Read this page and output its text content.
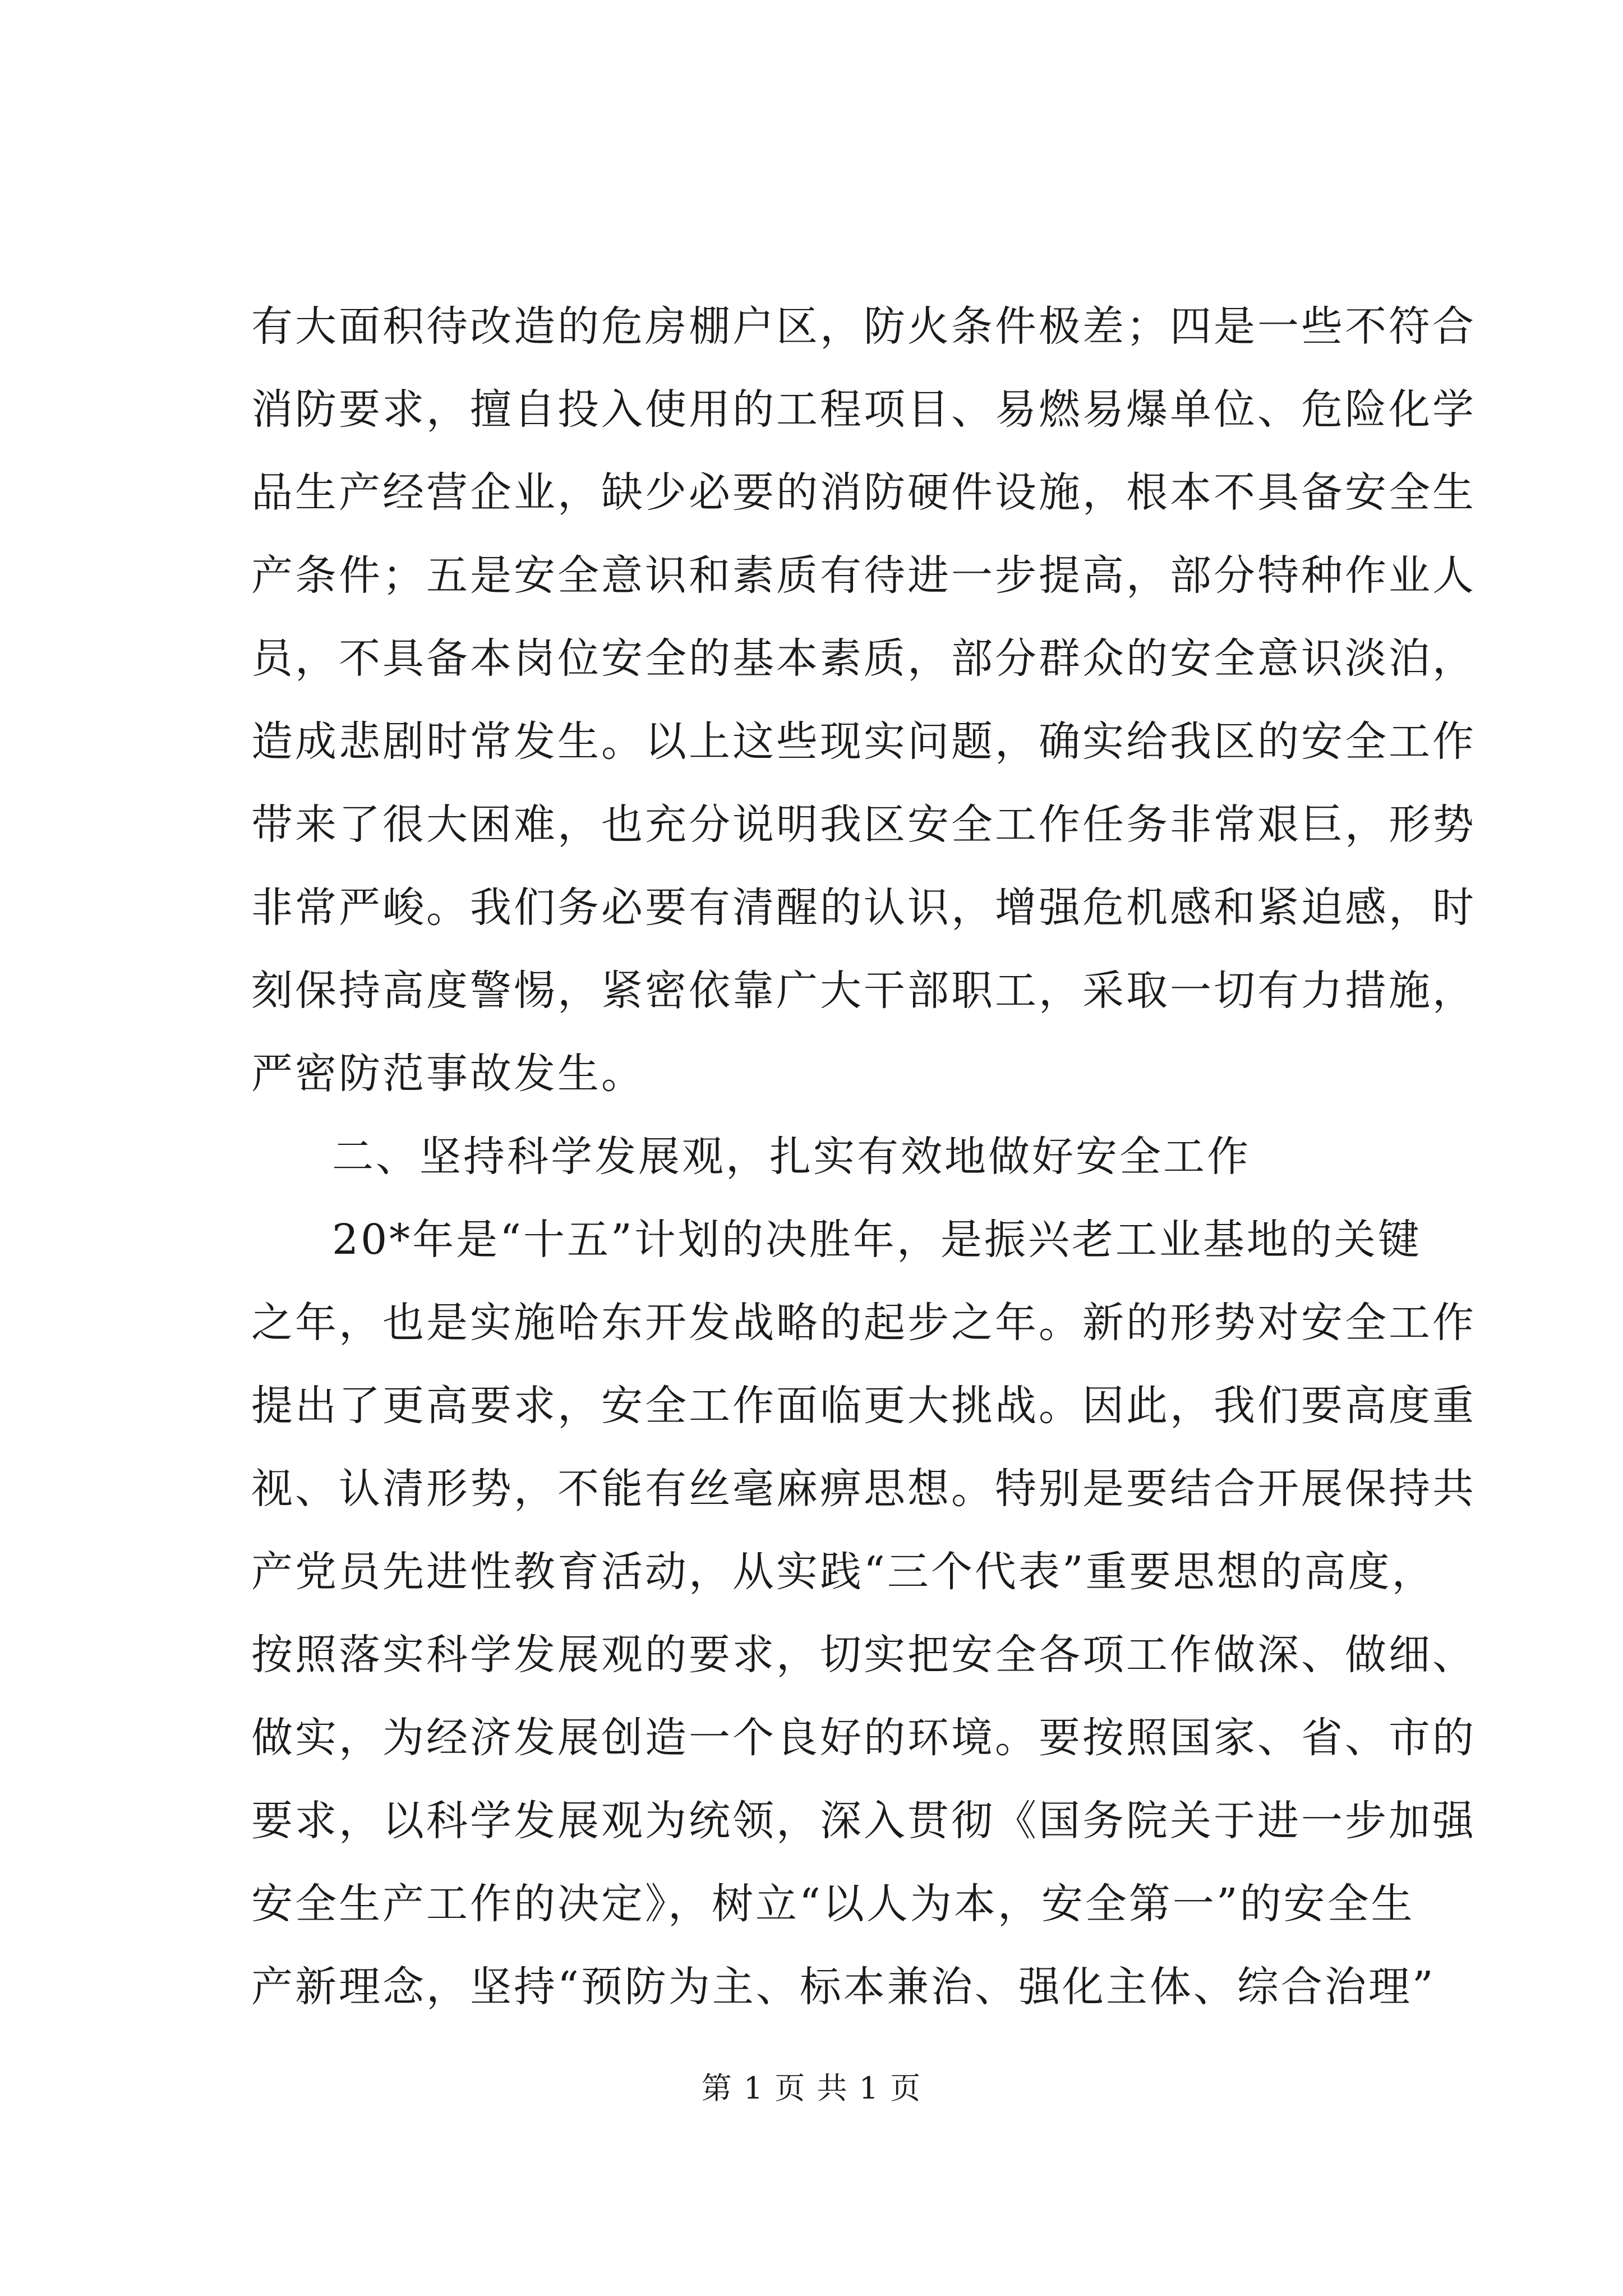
有大面积待改造的危房棚户区，防火条件极差；四是一些不符合
消防要求，擅自投入使用的工程项目、易燃易爆单位、危险化学
品生产经营企业，缺少必要的消防硬件设施，根本不具备安全生
产条件；五是安全意识和素质有待进一步提高，部分特种作业人
员，不具备本岗位安全的基本素质，部分群众的安全意识淡泊，
造成悲剧时常发生。以上这些现实问题，确实给我区的安全工作
带来了很大困难，也充分说明我区安全工作任务非常艰巨，形势
非常严峻。我们务必要有清醒的认识，增强危机感和紧迫感，时
刻保持高度警惕，紧密依靠广大干部职工，采取一切有力措施，
严密防范事故发生。
二、坚持科学发展观，扎实有效地做好安全工作
20*年是“十五”计划的决胜年，是振兴老工业基地的关键
之年，也是实施哈东开发战略的起步之年。新的形势对安全工作
提出了更高要求，安全工作面临更大挑战。因此，我们要高度重
视、认清形势，不能有丝毫麻痹思想。特别是要结合开展保持共
产党员先进性教育活动，从实践“三个代表”重要思想的高度，
按照落实科学发展观的要求，切实把安全各项工作做深、做细、
做实，为经济发展创造一个良好的环境。要按照国家、省、市的
要求，以科学发展观为统领，深入贯彻《国务院关于进一步加强
安全生产工作的决定》，树立“以人为本，安全第一”的安全生
产新理念，坚持“预防为主、标本兼治、强化主体、综合治理”
第 1 页 共 1 页
